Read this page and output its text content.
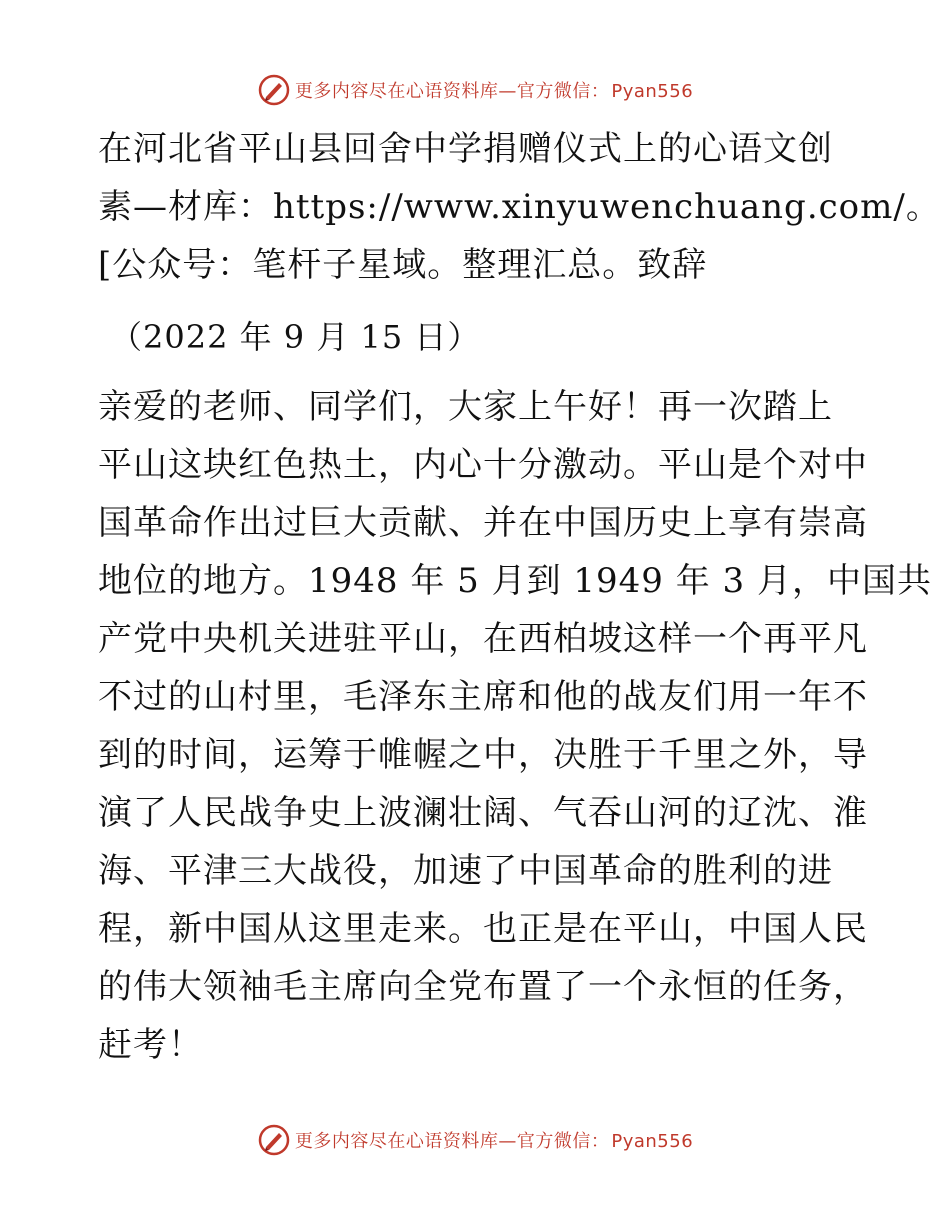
更多内容尽在心语资料库—官方微信： Pyan556
在河北省平山县回舍中学捐赠仪式上的心语文创
素—材库：https://www.xinyuwenchuang.com/。
[公众号：笔杆子星域。整理汇总。致辞
（2022 年 9 月 15 日）
亲爱的老师、同学们，大家上午好！再一次踏上
平山这块红色热土，内心十分激动。平山是个对中
国革命作出过巨大贡献、并在中国历史上享有崇高
地位的地方。1948 年 5 月到 1949 年 3 月，中国共
产党中央机关进驻平山，在西柏坡这样一个再平凡
不过的山村里，毛泽东主席和他的战友们用一年不
到的时间，运筹于帷幄之中，决胜于千里之外，导
演了人民战争史上波澜壮阔、气吞山河的辽沈、淮
海、平津三大战役，加速了中国革命的胜利的进
程，新中国从这里走来。也正是在平山，中国人民
的伟大领袖毛主席向全党布置了一个永恒的任务，
赶考！
更多内容尽在心语资料库—官方微信： Pyan556
